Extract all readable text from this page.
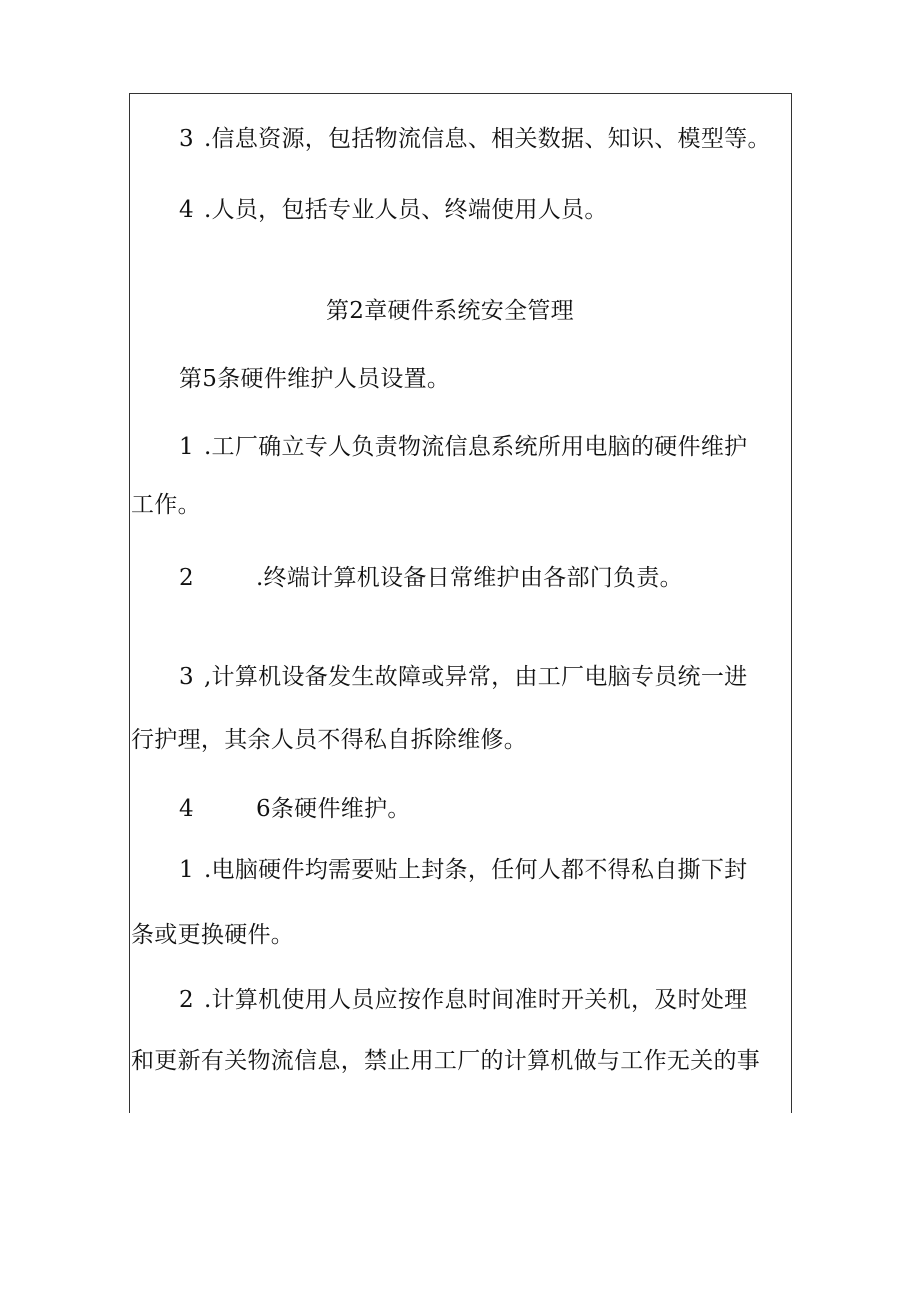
3 .信息资源，包括物流信息、相关数据、知识、模型等。
4 .人员，包括专业人员、终端使用人员。
第2章硬件系统安全管理
第5条硬件维护人员设置。
1 .工厂确立专人负责物流信息系统所用电脑的硬件维护
工作。
2	.终端计算机设备日常维护由各部门负责。
3 ,计算机设备发生故障或异常，由工厂电脑专员统一进
行护理，其余人员不得私自拆除维修。
4	6条硬件维护。
1 .电脑硬件均需要贴上封条，任何人都不得私自撕下封
条或更换硬件。
2 .计算机使用人员应按作息时间准时开关机，及时处理
和更新有关物流信息，禁止用工厂的计算机做与工作无关的事
